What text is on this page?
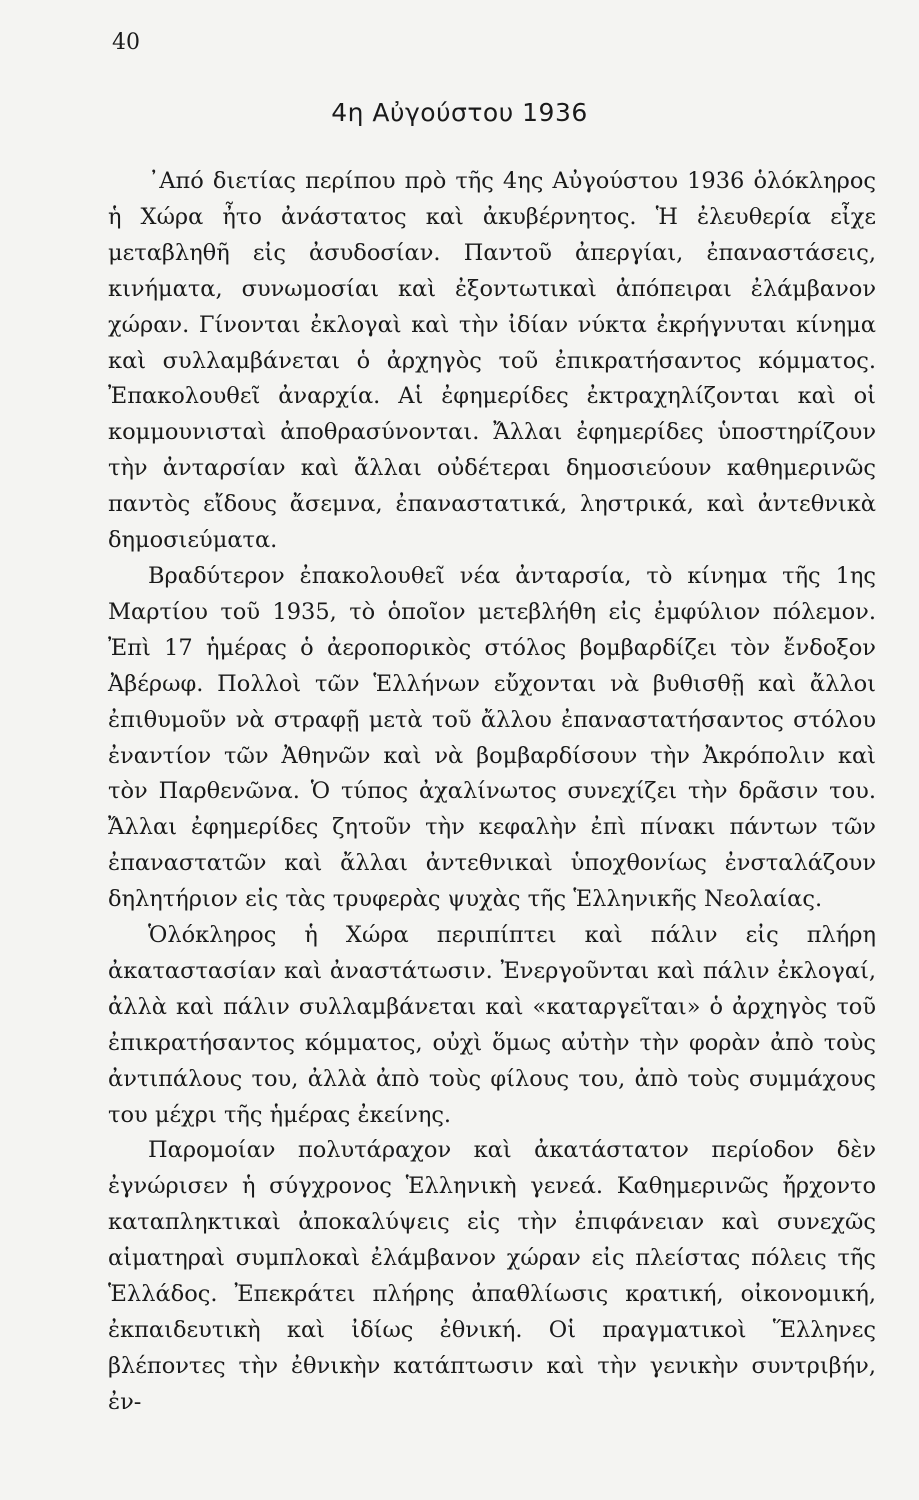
40
4η Αὐγούστου 1936

᾿Από διετίας περίπου πρὸ τῆς 4ης Αὐγούστου 1936 ὁλόκληρος ἡ Χώρα ἦτο ἀνάστατος καὶ ἀκυβέρνητος. Ἡ ἐλευθερία εἶχε μεταβληθῆ εἰς ἀσυδοσίαν. Παντοῦ ἀπεργίαι, ἐπαναστάσεις, κινήματα, συνωμοσίαι καὶ ἐξοντωτικαὶ ἀπόπειραι ἐλάμβανον χώραν. Γίνονται ἐκλογαὶ καὶ τὴν ἰδίαν νύκτα ἐκρήγνυται κίνημα καὶ συλλαμβάνεται ὁ ἀρχηγὸς τοῦ ἐπικρατήσαντος κόμματος. Ἐπακολουθεῖ ἀναρχία. Αἱ ἐφημερίδες ἐκτραχηλίζονται καὶ οἱ κομμουνισταὶ ἀποθρασύνονται. Ἄλλαι ἐφημερίδες ὑποστηρίζουν τὴν ἀνταρσίαν καὶ ἄλλαι οὐδέτεραι δημοσιεύουν καθημερινῶς παντὸς εἴδους ἄσεμνα, ἐπαναστατικά, ληστρικά, καὶ ἀντεθνικὰ δημοσιεύματα.

Βραδύτερον ἐπακολουθεῖ νέα ἀνταρσία, τὸ κίνημα τῆς 1ης Μαρτίου τοῦ 1935, τὸ ὁποῖον μετεβλήθη εἰς ἐμφύλιον πόλεμον. Ἐπὶ 17 ἡμέρας ὁ ἀεροπορικὸς στόλος βομβαρδίζει τὸν ἔνδοξον Ἀβέρωφ. Πολλοὶ τῶν Ἑλλήνων εὔχονται νὰ βυθισθῇ καὶ ἄλλοι ἐπιθυμοῦν νὰ στραφῇ μετὰ τοῦ ἄλλου ἐπαναστατήσαντος στόλου ἐναντίον τῶν Ἀθηνῶν καὶ νὰ βομβαρδίσουν τὴν Ἀκρόπολιν καὶ τὸν Παρθενῶνα. Ὁ τύπος ἀχαλίνωτος συνεχίζει τὴν δρᾶσιν του. Ἄλλαι ἐφημερίδες ζητοῦν τὴν κεφαλὴν ἐπὶ πίνακι πάντων τῶν ἐπαναστατῶν καὶ ἄλλαι ἀντεθνικαὶ ὑποχθονίως ἐνσταλάζουν δηλητήριον εἰς τὰς τρυφερὰς ψυχὰς τῆς Ἑλληνικῆς Νεολαίας.

Ὁλόκληρος ἡ Χώρα περιπίπτει καὶ πάλιν εἰς πλήρη ἀκαταστασίαν καὶ ἀναστάτωσιν. Ἐνεργοῦνται καὶ πάλιν ἐκλογαί, ἀλλὰ καὶ πάλιν συλλαμβάνεται καὶ «καταργεῖται» ὁ ἀρχηγὸς τοῦ ἐπικρατήσαντος κόμματος, οὐχὶ ὅμως αὐτὴν τὴν φορὰν ἀπὸ τοὺς ἀντιπάλους του, ἀλλὰ ἀπὸ τοὺς φίλους του, ἀπὸ τοὺς συμμάχους του μέχρι τῆς ἡμέρας ἐκείνης.

Παρομοίαν πολυτάραχον καὶ ἀκατάστατον περίοδον δὲν ἐγνώρισεν ἡ σύγχρονος Ἑλληνικὴ γενεά. Καθημερινῶς ἤρχοντο καταπληκτικαὶ ἀποκαλύψεις εἰς τὴν ἐπιφάνειαν καὶ συνεχῶς αἱματηραὶ συμπλοκαὶ ἐλάμβανον χώραν εἰς πλείστας πόλεις τῆς Ἑλλάδος. Ἐπεκράτει πλήρης ἀπαθλίωσις κρατική, οἰκονομική, ἐκπαιδευτικὴ καὶ ἰδίως ἐθνική. Οἱ πραγματικοὶ Ἕλληνες βλέποντες τὴν ἐθνικὴν κατάπτωσιν καὶ τὴν γενικὴν συντριβήν, ἐν-
